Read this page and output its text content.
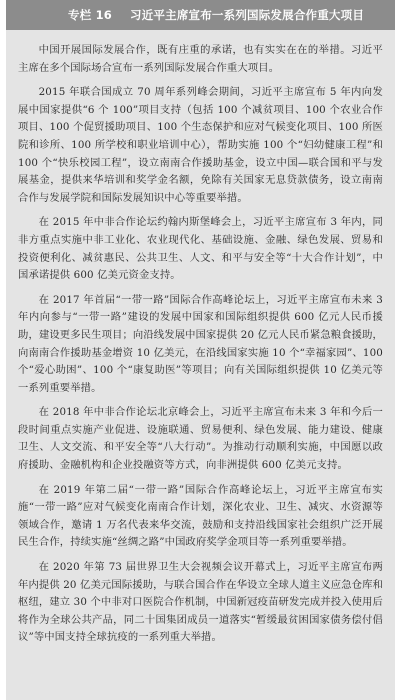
专栏 16 习近平主席宣布一系列国际发展合作重大项目

中国开展国际发展合作，既有庄重的承诺，也有实实在在的举措。习近平主席在多个国际场合宣布一系列国际发展合作重大项目。

2015 年联合国成立 70 周年系列峰会期间，习近平主席宣布 5 年内向发展中国家提供“6 个 100”项目支持（包括 100 个减贫项目、100 个农业合作项目、100 个促贸援助项目、100 个生态保护和应对气候变化项目、100 所医院和诊所、100 所学校和职业培训中心），帮助实施 100 个“妇幼健康工程”和 100 个“快乐校园工程”，设立南南合作援助基金，设立中国—联合国和平与发展基金，提供来华培训和奖学金名额，免除有关国家无息贷款债务，设立南南合作与发展学院和国际发展知识中心等重要举措。

在 2015 年中非合作论坛约翰内斯堡峰会上，习近平主席宣布 3 年内，同非方重点实施中非工业化、农业现代化、基础设施、金融、绿色发展、贸易和投资便利化、减贫惠民、公共卫生、人文、和平与安全等“十大合作计划”，中国承诺提供 600 亿美元资金支持。

在 2017 年首届“一带一路”国际合作高峰论坛上，习近平主席宣布未来 3 年内向参与“一带一路”建设的发展中国家和国际组织提供 600 亿元人民币援助，建设更多民生项目；向沿线发展中国家提供 20 亿元人民币紧急粮食援助，向南南合作援助基金增资 10 亿美元，在沿线国家实施 10 个“幸福家园”、100 个“爱心助困”、100 个“康复助医”等项目；向有关国际组织提供 10 亿美元等一系列重要举措。

在 2018 年中非合作论坛北京峰会上，习近平主席宣布未来 3 年和今后一段时间重点实施产业促进、设施联通、贸易便利、绿色发展、能力建设、健康卫生、人文交流、和平安全等“八大行动”。为推动行动顺利实施，中国愿以政府援助、金融机构和企业投融资等方式，向非洲提供 600 亿美元支持。

在 2019 年第二届“一带一路”国际合作高峰论坛上，习近平主席宣布实施“一带一路”应对气候变化南南合作计划，深化农业、卫生、减灾、水资源等领域合作，邀请 1 万名代表来华交流，鼓励和支持沿线国家社会组织广泛开展民生合作，持续实施“丝绸之路”中国政府奖学金项目等一系列重要举措。

在 2020 年第 73 届世界卫生大会视频会议开幕式上，习近平主席宣布两年内提供 20 亿美元国际援助，与联合国合作在华设立全球人道主义应急仓库和枢纽，建立 30 个中非对口医院合作机制，中国新冠疫苗研发完成并投入使用后将作为全球公共产品，同二十国集团成员一道落实“暂缓最贫困国家债务偿付倡议”等中国支持全球抗疫的一系列重大举措。
